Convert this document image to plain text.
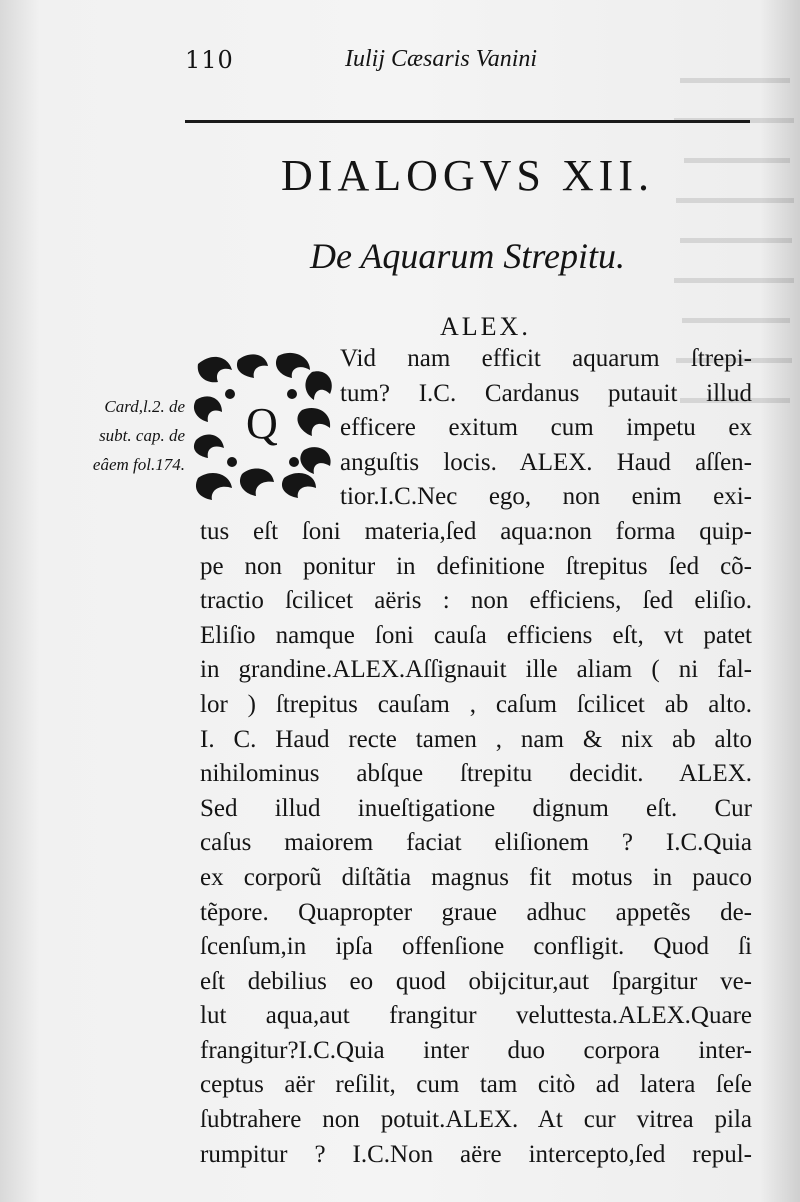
110	Iulij Cæsaris Vanini
DIALOGVS XII.
De Aquarum Strepitu.
ALEX.
Card,l.2. de
subt. cap. de
eâem fol.174.
Q
Vid nam efficit aquarum ſtrepi-
tum? I.C. Cardanus putauit illud
efficere exitum cum impetu ex
anguſtis locis. ALEX. Haud aſſen-
tior.I.C.Nec ego, non enim exi-
tus eſt ſoni materia,ſed aqua:non forma quip-
pe non ponitur in definitione ſtrepitus ſed cõ-
tractio ſcilicet aëris : non efficiens, ſed eliſio.
Eliſio namque ſoni cauſa efficiens eſt, vt patet
in grandine.ALEX.Aſſignauit ille aliam ( ni fal-
lor ) ſtrepitus cauſam , caſum ſcilicet ab alto.
I. C. Haud recte tamen , nam & nix ab alto
nihilominus abſque ſtrepitu decidit. ALEX.
Sed illud inueſtigatione dignum eſt. Cur
caſus maiorem faciat eliſionem ? I.C.Quia
ex corporũ diſtãtia magnus fit motus in pauco
tẽpore. Quapropter graue adhuc appetẽs de-
ſcenſum,in ipſa offenſione confligit. Quod ſi
eſt debilius eo quod obijcitur,aut ſpargitur ve-
lut aqua,aut frangitur veluttesta.ALEX.Quare
frangitur?I.C.Quia inter duo corpora inter-
ceptus aër reſilit, cum tam citò ad latera ſeſe
ſubtrahere non potuit.ALEX. At cur vitrea pila
rumpitur ? I.C.Non aëre intercepto,ſed repul-
